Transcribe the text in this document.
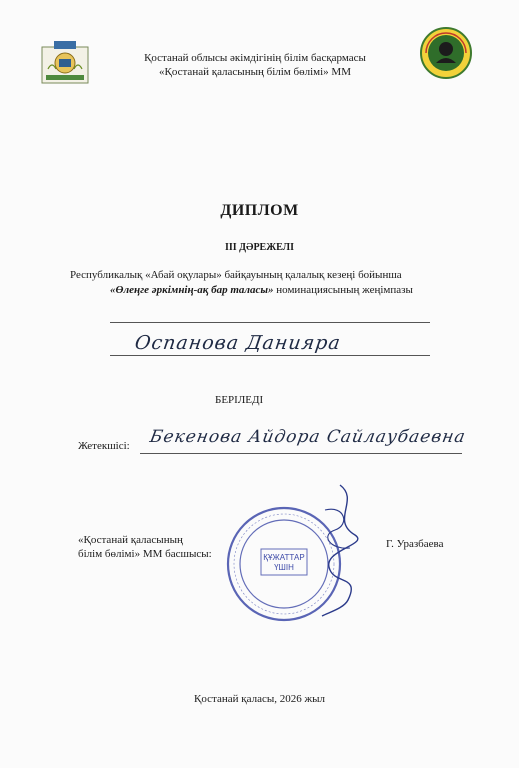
Қостанай облысы әкімдігінің білім басқармасы
«Қостанай қаласының білім бөлімі» ММ
ДИПЛОМ
ІІІ ДӘРЕЖЕЛІ
Республикалық «Абай оқулары» байқауының қалалық кезеңі бойынша
«Өлеңге әркімнің-ақ бар таласы» номинациясының жеңімпазы
Оспанова Данияра
БЕРІЛЕДІ
Жетекшісі: Бекенова Айдора Сайлаубаевна
«Қостанай қаласының
білім бөлімі» ММ басшысы:	ҚҰЖАТТАР
ҮШІН
Г. Уразбаева
Қостанай қаласы, 2026 жыл
